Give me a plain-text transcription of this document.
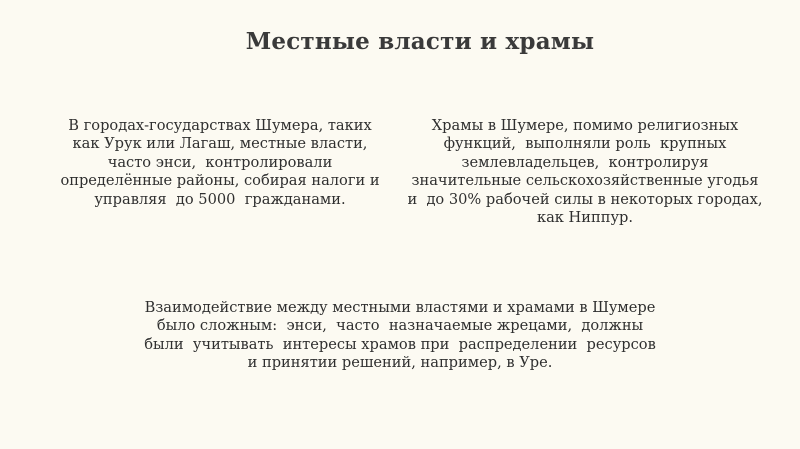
Местные власти и храмы
В городах-государствах Шумера, таких
как Урук или Лагаш, местные власти,
часто энси,  контролировали
определённые районы, собирая налоги и
управляя  до 5000  гражданами.
Храмы в Шумере, помимо религиозных
функций,  выполняли роль  крупных
землевладельцев,  контролируя
значительные сельскохозяйственные угодья
и  до 30% рабочей силы в некоторых городах,
как Ниппур.
Взаимодействие между местными властями и храмами в Шумере
было сложным:  энси,  часто  назначаемые жрецами,  должны
были  учитывать  интересы храмов при  распределении  ресурсов
и принятии решений, например, в Уре.
